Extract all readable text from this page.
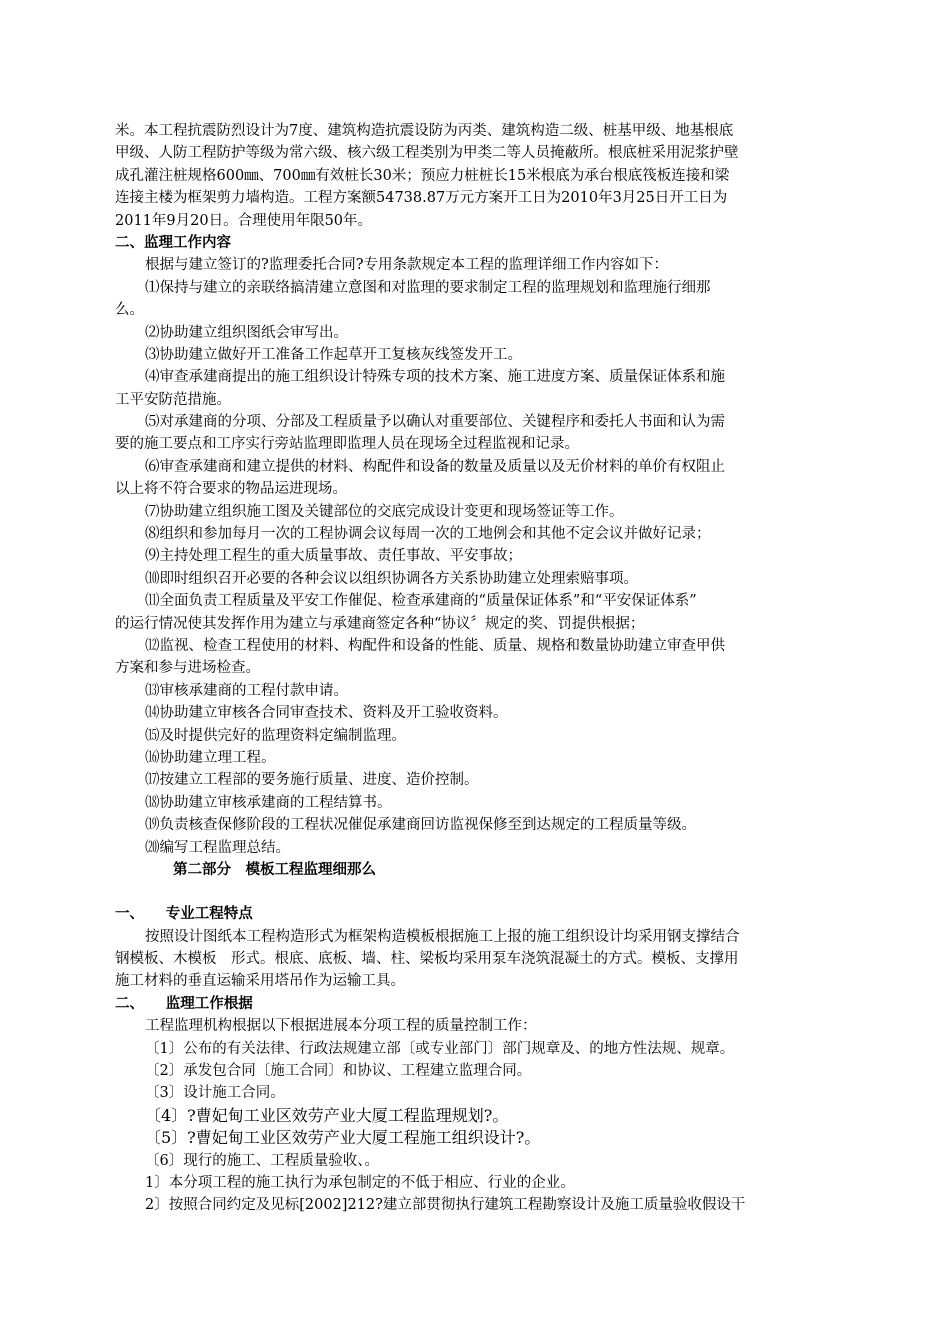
米。本工程抗震防烈设计为7度、建筑构造抗震设防为丙类、建筑构造二级、桩基甲级、地基根底
甲级、人防工程防护等级为常六级、核六级工程类别为甲类二等人员掩蔽所。根底桩采用泥浆护壁
成孔灌注桩规格600㎜、700㎜有效桩长30米；预应力桩桩长15米根底为承台根底筏板连接和梁
连接主楼为框架剪力墙构造。工程方案额54738.87万元方案开工日为2010年3月25日开工日为
2011年9月20日。合理使用年限50年。
二、监理工作内容
根据与建立签订的?监理委托合同?专用条款规定本工程的监理详细工作内容如下：
⑴保持与建立的亲联络搞清建立意图和对监理的要求制定工程的监理规划和监理施行细那
么。
⑵协助建立组织图纸会审写出。
⑶协助建立做好开工准备工作起草开工复核灰线签发开工。
⑷审查承建商提出的施工组织设计特殊专项的技术方案、施工进度方案、质量保证体系和施
工平安防范措施。
⑸对承建商的分项、分部及工程质量予以确认对重要部位、关键程序和委托人书面和认为需
要的施工要点和工序实行旁站监理即监理人员在现场全过程监视和记录。
⑹审查承建商和建立提供的材料、构配件和设备的数量及质量以及无价材料的单价有权阻止
以上将不符合要求的物品运进现场。
⑺协助建立组织施工图及关键部位的交底完成设计变更和现场签证等工作。
⑻组织和参加每月一次的工程协调会议每周一次的工地例会和其他不定会议并做好记录；
⑼主持处理工程生的重大质量事故、责任事故、平安事故；
⑽即时组织召开必要的各种会议以组织协调各方关系协助建立处理索赔事项。
⑾全面负责工程质量及平安工作催促、检查承建商的“质量保证体系”和“平安保证体系”
的运行情况使其发挥作用为建立与承建商签定各种“协议〞规定的奖、罚提供根据；
⑿监视、检查工程使用的材料、构配件和设备的性能、质量、规格和数量协助建立审查甲供
方案和参与进场检查。
⒀审核承建商的工程付款申请。
⒁协助建立审核各合同审查技术、资料及开工验收资料。
⒂及时提供完好的监理资料定编制监理。
⒃协助建立理工程。
⒄按建立工程部的要务施行质量、进度、造价控制。
⒅协助建立审核承建商的工程结算书。
⒆负责核查保修阶段的工程状况催促承建商回访监视保修至到达规定的工程质量等级。
⒇编写工程监理总结。
第二部分　模板工程监理细那么
一、　　专业工程特点
按照设计图纸本工程构造形式为框架构造模板根据施工上报的施工组织设计均采用钢支撑结合
钢模板、木模板　形式。根底、底板、墙、柱、梁板均采用泵车浇筑混凝土的方式。模板、支撑用
施工材料的垂直运输采用塔吊作为运输工具。
二、　　监理工作根据
工程监理机构根据以下根据进展本分项工程的质量控制工作：
〔1〕公布的有关法律、行政法规建立部〔或专业部门〕部门规章及、的地方性法规、规章。
〔2〕承发包合同〔施工合同〕和协议、工程建立监理合同。
〔3〕设计施工合同。
〔4〕?曹妃甸工业区效劳产业大厦工程监理规划?。
〔5〕?曹妃甸工业区效劳产业大厦工程施工组织设计?。
〔6〕现行的施工、工程质量验收、。
1〕本分项工程的施工执行为承包制定的不低于相应、行业的企业。
2〕按照合同约定及见标[2002]212?建立部贯彻执行建筑工程勘察设计及施工质量验收假设干
